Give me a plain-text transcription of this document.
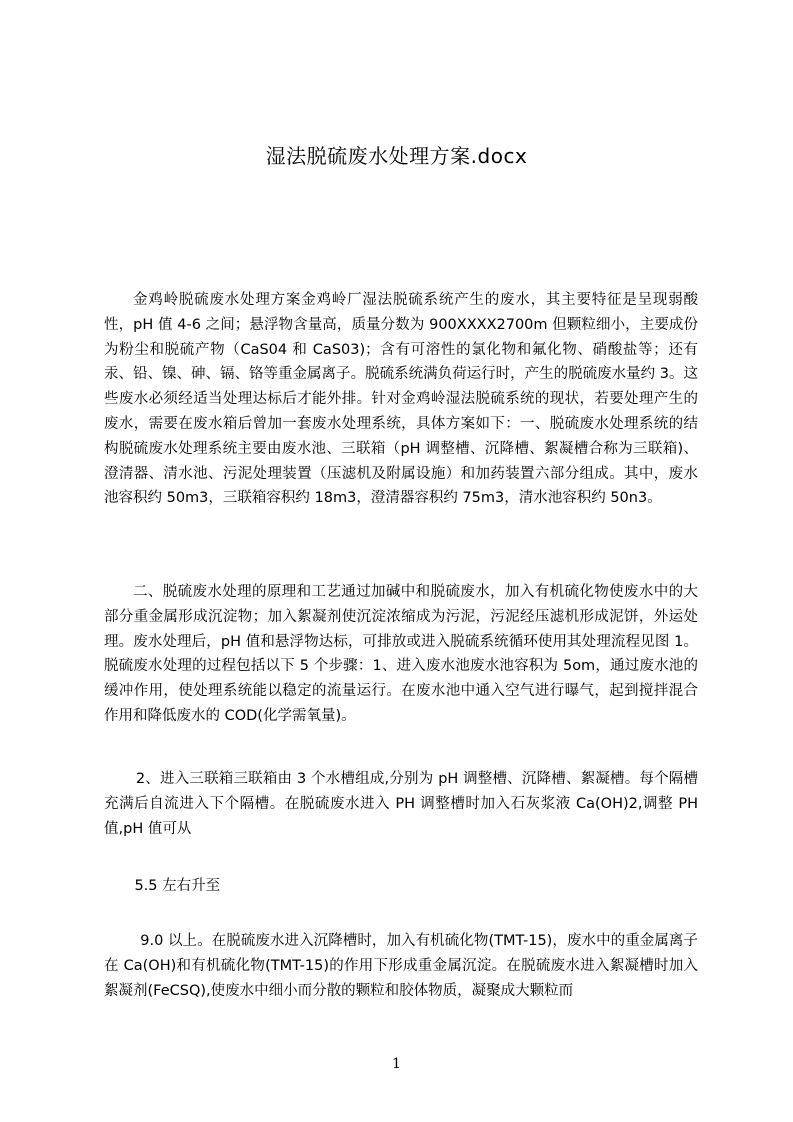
湿法脱硫废水处理方案.docx
金鸡岭脱硫废水处理方案金鸡岭厂湿法脱硫系统产生的废水，其主要特征是呈现弱酸性，pH 值 4-6 之间；悬浮物含量高，质量分数为 900XXXX2700m 但颗粒细小，主要成份为粉尘和脱硫产物（CaS04 和 CaS03)；含有可溶性的氯化物和氟化物、硝酸盐等；还有汞、铅、镍、砷、镉、铬等重金属离子。脱硫系统满负荷运行时，产生的脱硫废水量约 3。这些废水必须经适当处理达标后才能外排。针对金鸡岭湿法脱硫系统的现状，若要处理产生的废水，需要在废水箱后曾加一套废水处理系统，具体方案如下：一、脱硫废水处理系统的结构脱硫废水处理系统主要由废水池、三联箱（pH 调整槽、沉降槽、絮凝槽合称为三联箱)、澄清器、清水池、污泥处理装置（压滤机及附属设施）和加药装置六部分组成。其中，废水池容积约 50m3，三联箱容积约 18m3，澄清器容积约 75m3，清水池容积约 50n3。
二、脱硫废水处理的原理和工艺通过加碱中和脱硫废水，加入有机硫化物使废水中的大部分重金属形成沉淀物；加入絮凝剂使沉淀浓缩成为污泥，污泥经压滤机形成泥饼，外运处理。废水处理后，pH 值和悬浮物达标，可排放或进入脱硫系统循环使用其处理流程见图 1。脱硫废水处理的过程包括以下 5 个步骤：1、进入废水池废水池容积为 5om，通过废水池的缓冲作用，使处理系统能以稳定的流量运行。在废水池中通入空气进行曝气，起到搅拌混合作用和降低废水的 COD(化学需氧量)。
2、进入三联箱三联箱由 3 个水槽组成,分别为 pH 调整槽、沉降槽、絮凝槽。每个隔槽充满后自流进入下个隔槽。在脱硫废水进入 PH 调整槽时加入石灰浆液 Ca(OH)2,调整 PH 值,pH 值可从
5.5 左右升至
9.0 以上。在脱硫废水进入沉降槽时，加入有机硫化物(TMT-15)，废水中的重金属离子在 Ca(OH)和有机硫化物(TMT-15)的作用下形成重金属沉淀。在脱硫废水进入絮凝槽时加入絮凝剂(FeCSQ),使废水中细小而分散的颗粒和胶体物质，凝聚成大颗粒而
1
